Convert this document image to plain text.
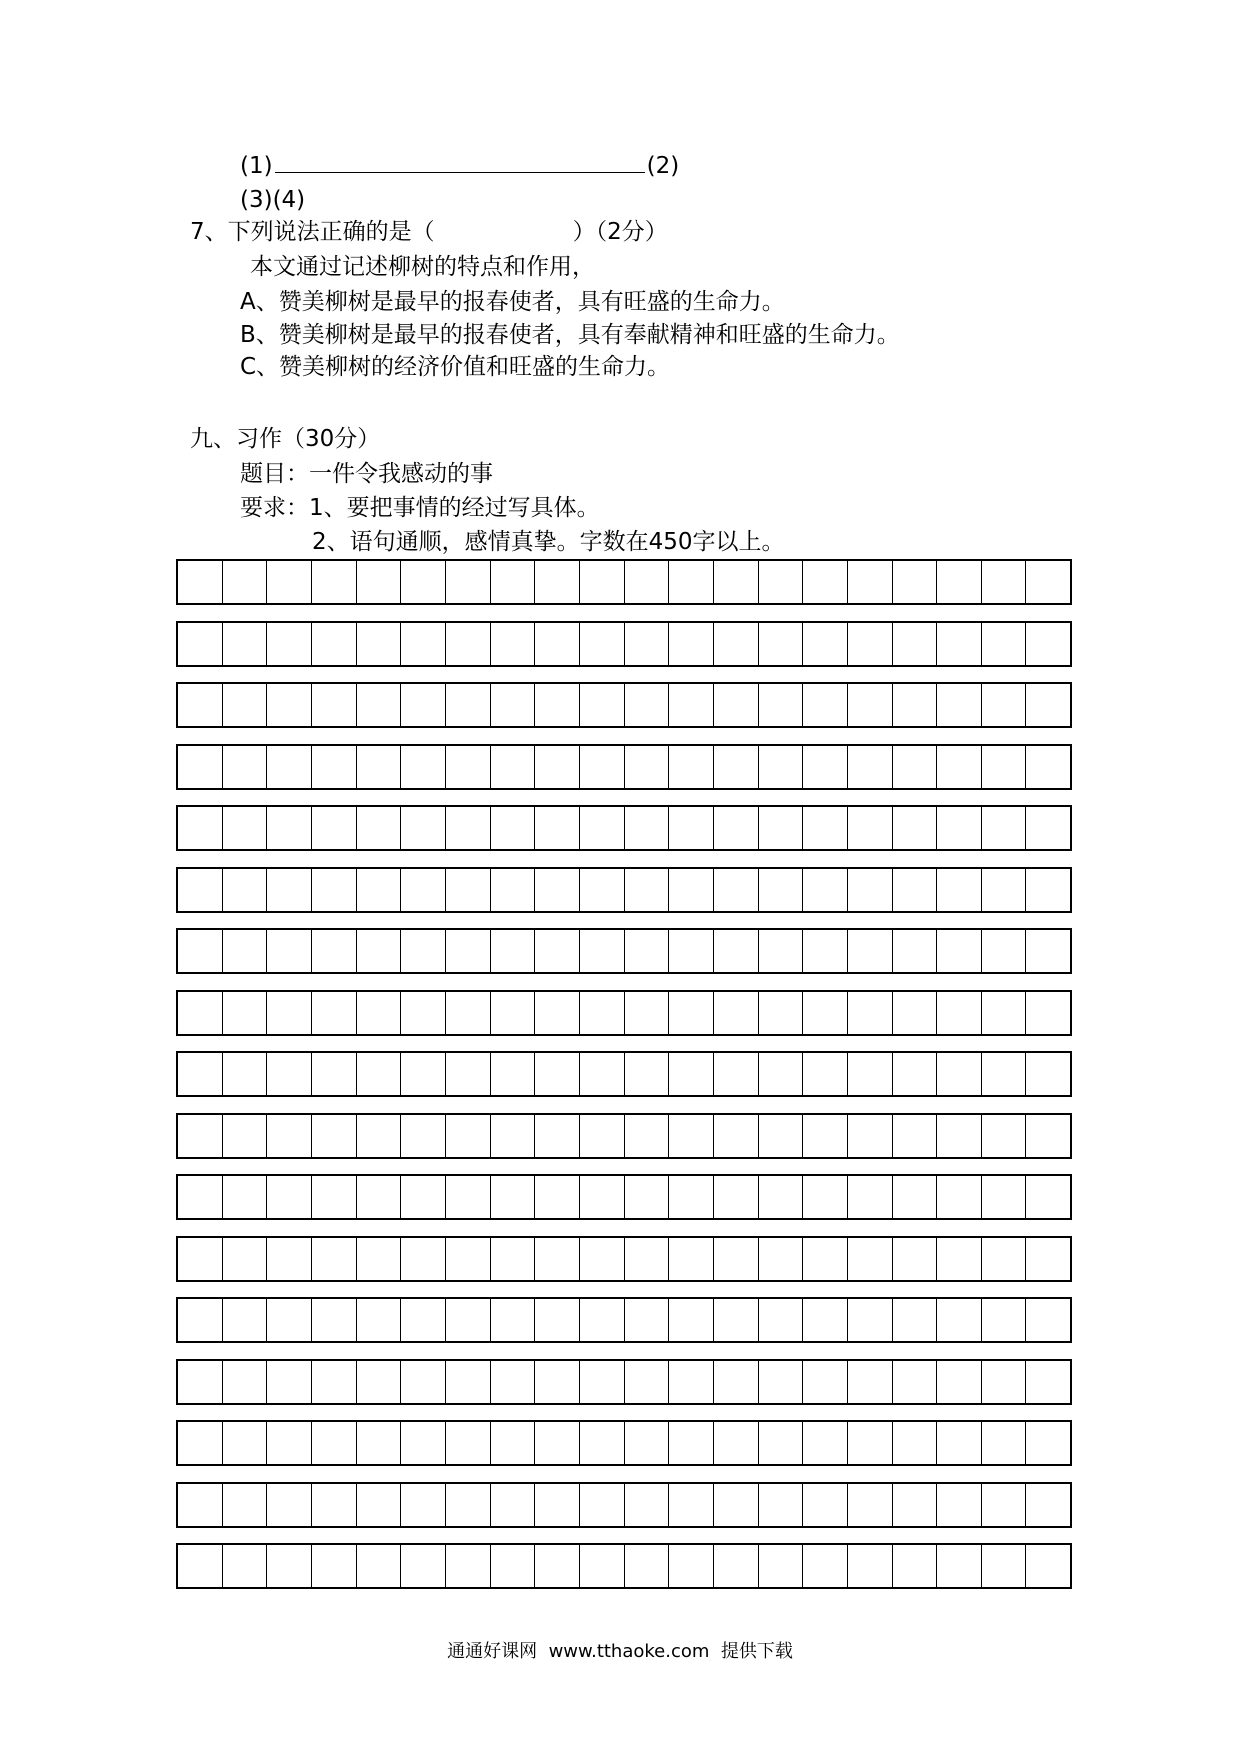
(1)	(2)
(3)(4)
7、下列说法正确的是（　　　　　　）（2分）
本文通过记述柳树的特点和作用，
A、赞美柳树是最早的报春使者，具有旺盛的生命力。
B、赞美柳树是最早的报春使者，具有奉献精神和旺盛的生命力。
C、赞美柳树的经济价值和旺盛的生命力。
九、习作（30分）
题目：一件令我感动的事
要求：1、要把事情的经过写具体。
2、语句通顺，感情真挚。字数在450字以上。
通通好课网  www.tthaoke.com  提供下载
